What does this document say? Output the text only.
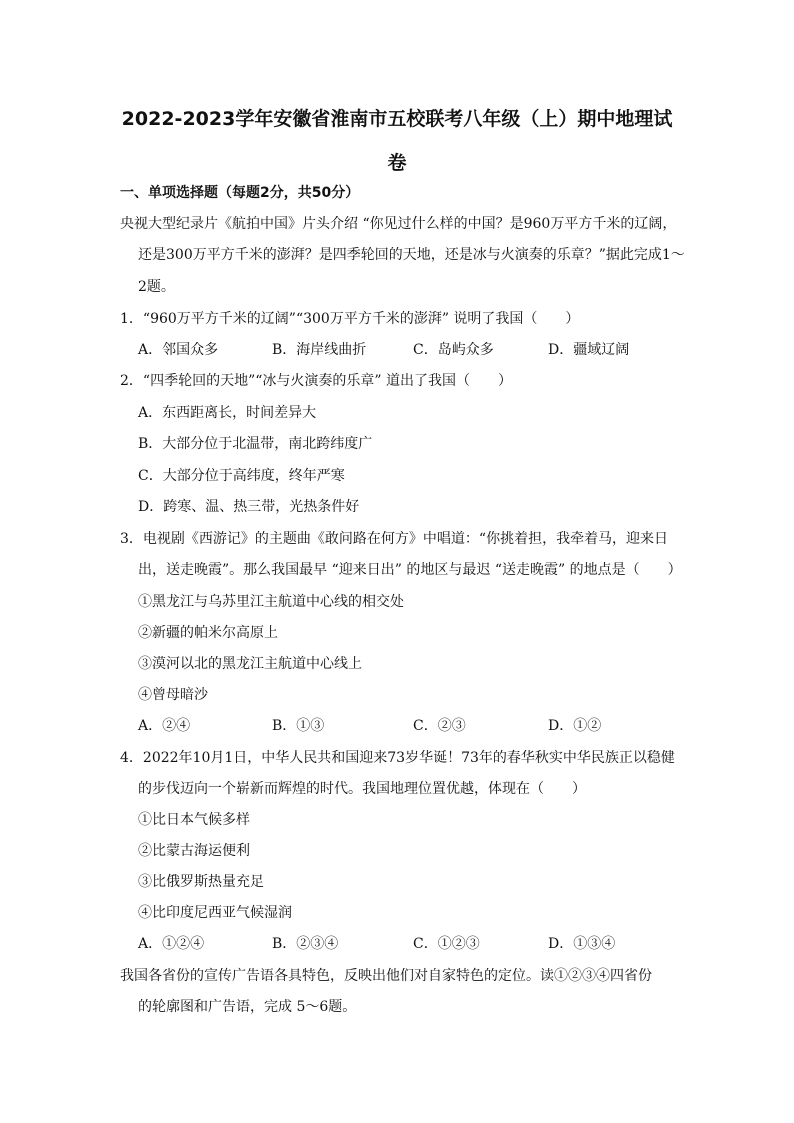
2022-2023学年安徽省淮南市五校联考八年级（上）期中地理试
卷
一、单项选择题（每题2分，共50分）
央视大型纪录片《航拍中国》片头介绍 “你见过什么样的中国？是960万平方千米的辽阔，
还是300万平方千米的澎湃？是四季轮回的天地，还是冰与火演奏的乐章？”据此完成1～
2题。
1．“960万平方千米的辽阔”“300万平方千米的澎湃” 说明了我国（　　）
A．邻国众多	B．海岸线曲折	C．岛屿众多	D．疆域辽阔
2．“四季轮回的天地”“冰与火演奏的乐章” 道出了我国（　　）
A．东西距离长，时间差异大
B．大部分位于北温带，南北跨纬度广
C．大部分位于高纬度，终年严寒
D．跨寒、温、热三带，光热条件好
3．电视剧《西游记》的主题曲《敢问路在何方》中唱道：“你挑着担，我牵着马，迎来日
出，送走晚霞”。那么我国最早 “迎来日出” 的地区与最迟 “送走晚霞” 的地点是（　　）
①黑龙江与乌苏里江主航道中心线的相交处
②新疆的帕米尔高原上
③漠河以北的黑龙江主航道中心线上
④曾母暗沙
A．②④	B．①③	C．②③	D．①②
4．2022年10月1日，中华人民共和国迎来73岁华诞！73年的春华秋实中华民族正以稳健
的步伐迈向一个崭新而辉煌的时代。我国地理位置优越，体现在（　　）
①比日本气候多样
②比蒙古海运便利
③比俄罗斯热量充足
④比印度尼西亚气候湿润
A．①②④	B．②③④	C．①②③	D．①③④
我国各省份的宣传广告语各具特色，反映出他们对自家特色的定位。读①②③④四省份
的轮廓图和广告语，完成 5～6题。
